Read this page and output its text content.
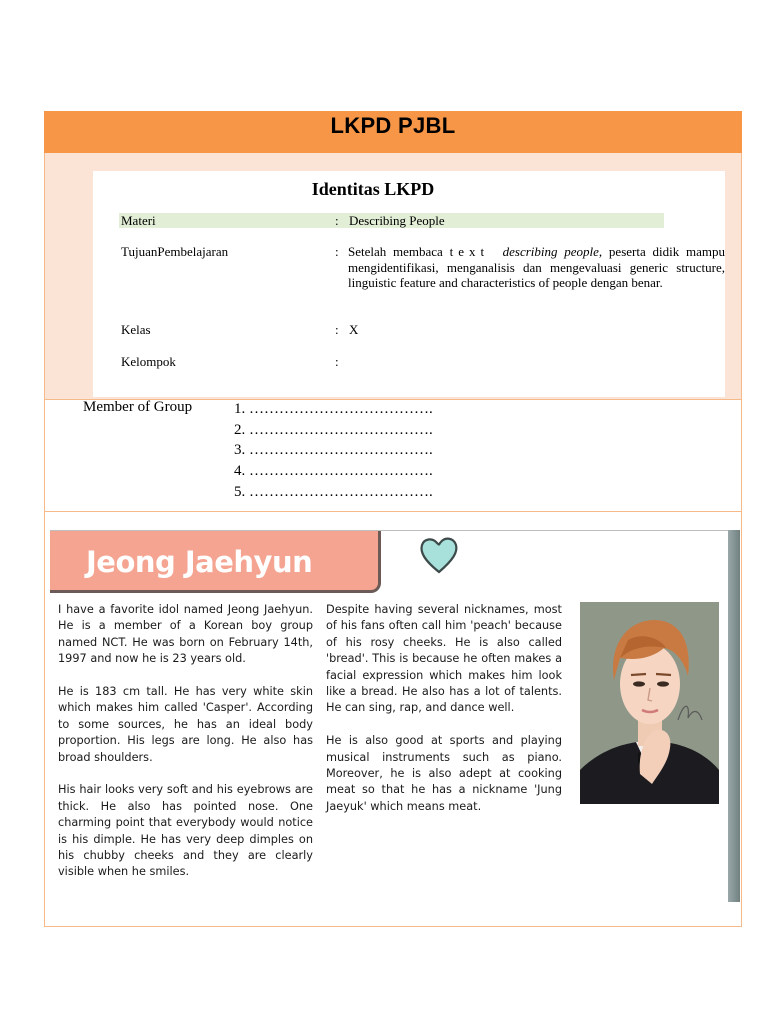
LKPD PJBL
Identitas LKPD
Materi	: Describing People
TujuanPembelajaran	: Setelah membaca text describing people, peserta didik mampu mengidentifikasi, menganalisis dan mengevaluasi generic structure, linguistic feature and characteristics of people dengan benar.
Kelas	: X
Kelompok	:
Member of Group	1. ……………………………….
2. ……………………………….
3. ……………………………….
4. ……………………………….
5. ……………………………….
Jeong Jaehyun

I have a favorite idol named Jeong Jaehyun. He is a member of a Korean boy group named NCT. He was born on February 14th, 1997 and now he is 23 years old.

He is 183 cm tall. He has very white skin which makes him called 'Casper'. According to some sources, he has an ideal body proportion. His legs are long. He also has broad shoulders.

His hair looks very soft and his eyebrows are thick. He also has pointed nose. One charming point that everybody would notice is his dimple. He has very deep dimples on his chubby cheeks and they are clearly visible when he smiles.

Despite having several nicknames, most of his fans often call him 'peach' because of his rosy cheeks. He is also called 'bread'. This is because he often makes a facial expression which makes him look like a bread. He also has a lot of talents. He can sing, rap, and dance well.

He is also good at sports and playing musical instruments such as piano. Moreover, he is also adept at cooking meat so that he has a nickname 'Jung Jaeyuk' which means meat.
